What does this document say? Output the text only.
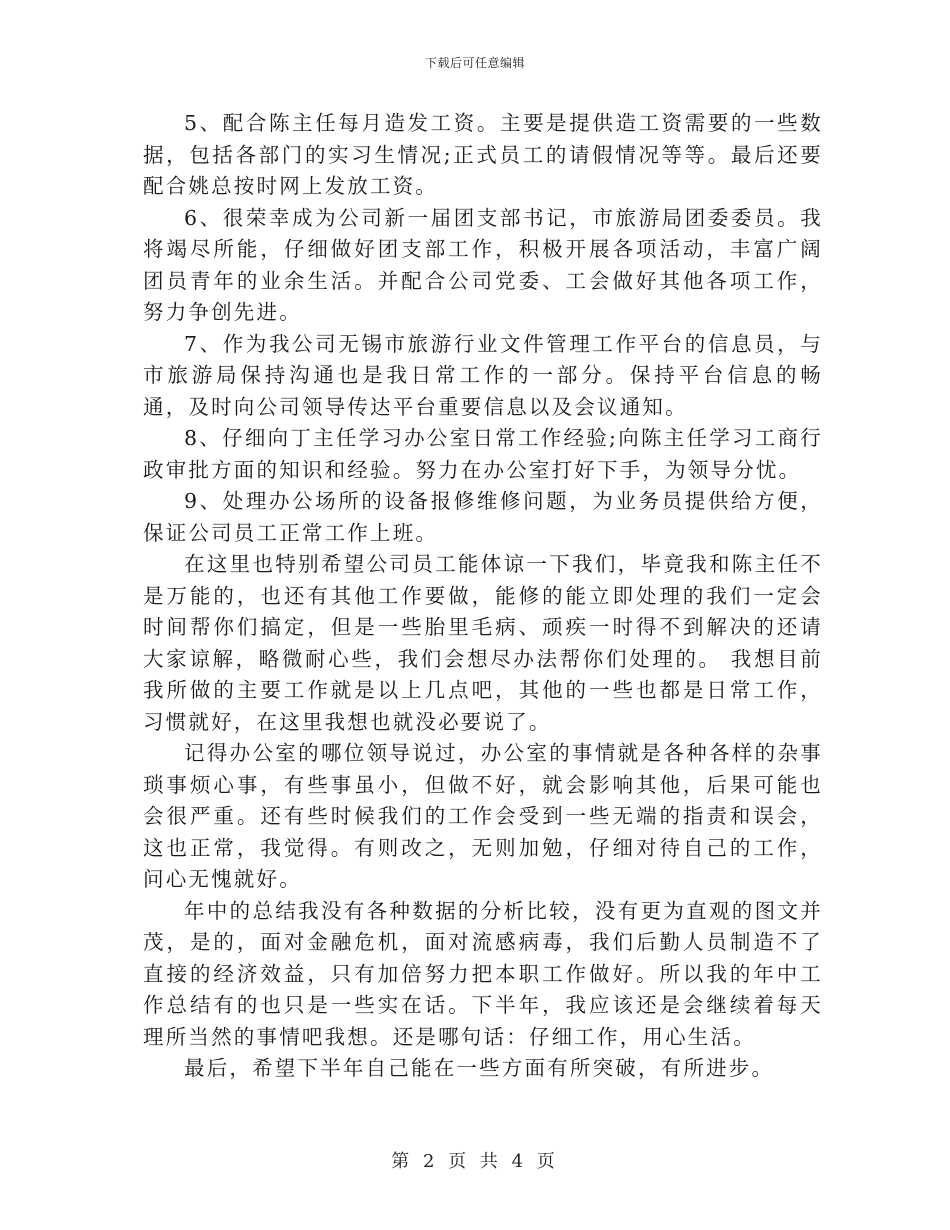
下载后可任意编辑

5、配合陈主任每月造发工资。主要是提供造工资需要的一些数据，包括各部门的实习生情况;正式员工的请假情况等等。最后还要配合姚总按时网上发放工资。

6、很荣幸成为公司新一届团支部书记，市旅游局团委委员。我将竭尽所能，仔细做好团支部工作，积极开展各项活动，丰富广阔团员青年的业余生活。并配合公司党委、工会做好其他各项工作，努力争创先进。

7、作为我公司无锡市旅游行业文件管理工作平台的信息员，与市旅游局保持沟通也是我日常工作的一部分。保持平台信息的畅通，及时向公司领导传达平台重要信息以及会议通知。

8、仔细向丁主任学习办公室日常工作经验;向陈主任学习工商行政审批方面的知识和经验。努力在办公室打好下手，为领导分忧。

9、处理办公场所的设备报修维修问题，为业务员提供给方便，保证公司员工正常工作上班。

在这里也特别希望公司员工能体谅一下我们，毕竟我和陈主任不是万能的，也还有其他工作要做，能修的能立即处理的我们一定会时间帮你们搞定，但是一些胎里毛病、顽疾一时得不到解决的还请大家谅解，略微耐心些，我们会想尽办法帮你们处理的。 我想目前我所做的主要工作就是以上几点吧，其他的一些也都是日常工作，习惯就好，在这里我想也就没必要说了。

记得办公室的哪位领导说过，办公室的事情就是各种各样的杂事琐事烦心事，有些事虽小，但做不好，就会影响其他，后果可能也会很严重。还有些时候我们的工作会受到一些无端的指责和误会，这也正常，我觉得。有则改之，无则加勉，仔细对待自己的工作，问心无愧就好。

年中的总结我没有各种数据的分析比较，没有更为直观的图文并茂，是的，面对金融危机，面对流感病毒，我们后勤人员制造不了直接的经济效益，只有加倍努力把本职工作做好。所以我的年中工作总结有的也只是一些实在话。下半年，我应该还是会继续着每天理所当然的事情吧我想。还是哪句话：仔细工作，用心生活。

最后，希望下半年自己能在一些方面有所突破，有所进步。

第 2 页 共 4 页
